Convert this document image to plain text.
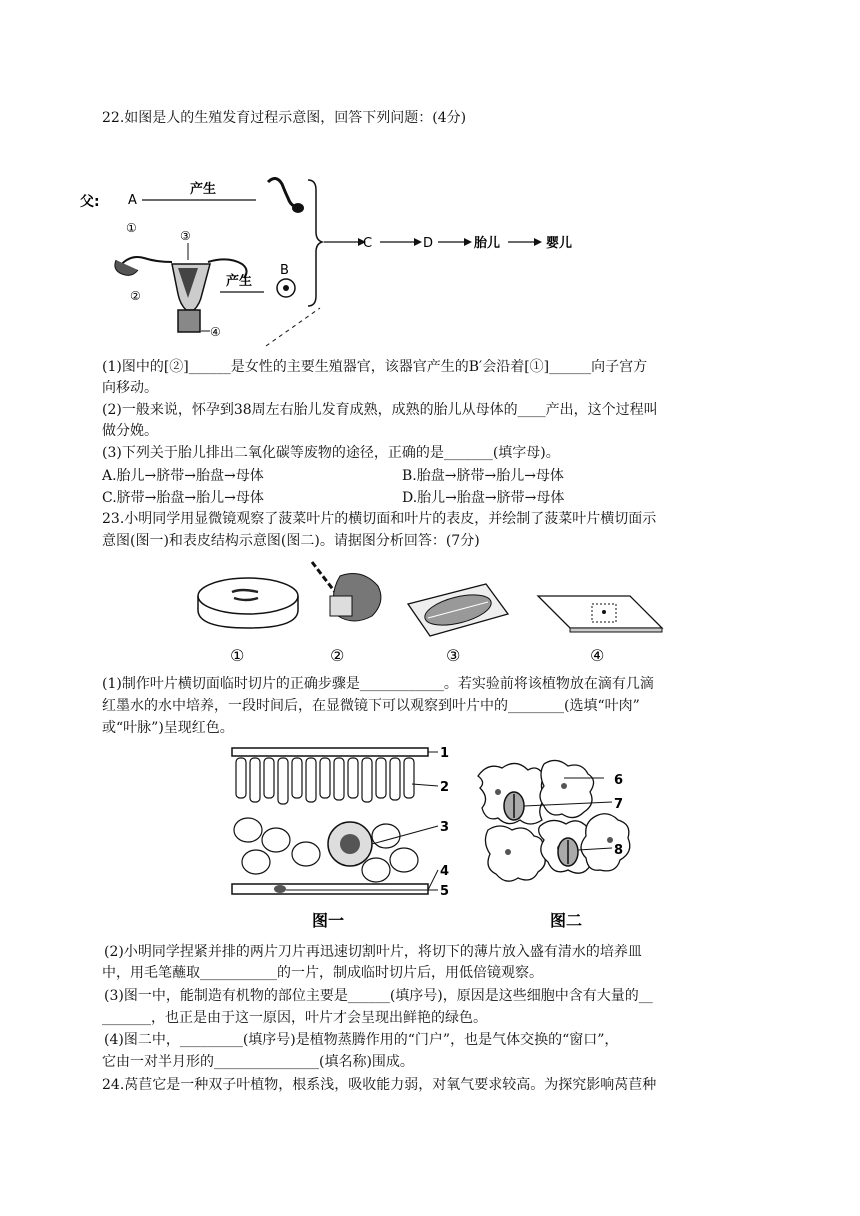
22.如图是人的生殖发育过程示意图，回答下列问题：(4分)
父: A
产生
C	D	胎儿	婴儿
①
③
②
④
产生
B
(1)图中的[②]______是女性的主要生殖器官，该器官产生的B′会沿着[①]______向子宫方
向移动。
(2)一般来说，怀孕到38周左右胎儿发育成熟，成熟的胎儿从母体的____产出，这个过程叫
做分娩。
(3)下列关于胎儿排出二氧化碳等废物的途径，正确的是_______(填字母)。
A.胎儿→脐带→胎盘→母体	B.胎盘→脐带→胎儿→母体
C.脐带→胎盘→胎儿→母体	D.胎儿→胎盘→脐带→母体
23.小明同学用显微镜观察了菠菜叶片的横切面和叶片的表皮，并绘制了菠菜叶片横切面示
意图(图一)和表皮结构示意图(图二)。请据图分析回答：(7分)
①	②	③	④
(1)制作叶片横切面临时切片的正确步骤是____________。若实验前将该植物放在滴有几滴
红墨水的水中培养，一段时间后，在显微镜下可以观察到叶片中的________(选填“叶肉”
或“叶脉”)呈现红色。
1
2
3
4
5
图一
6
7
8
图二
(2)小明同学捏紧并排的两片刀片再迅速切割叶片，将切下的薄片放入盛有清水的培养皿
中，用毛笔蘸取___________的一片，制成临时切片后，用低倍镜观察。
(3)图一中，能制造有机物的部位主要是______(填序号)，原因是这些细胞中含有大量的__
_______，也正是由于这一原因，叶片才会呈现出鲜艳的绿色。
(4)图二中，_________(填序号)是植物蒸腾作用的“门户”，也是气体交换的“窗口”，
它由一对半月形的_______________(填名称)围成。
24.莴苣它是一种双子叶植物，根系浅，吸收能力弱，对氧气要求较高。为探究影响莴苣种
